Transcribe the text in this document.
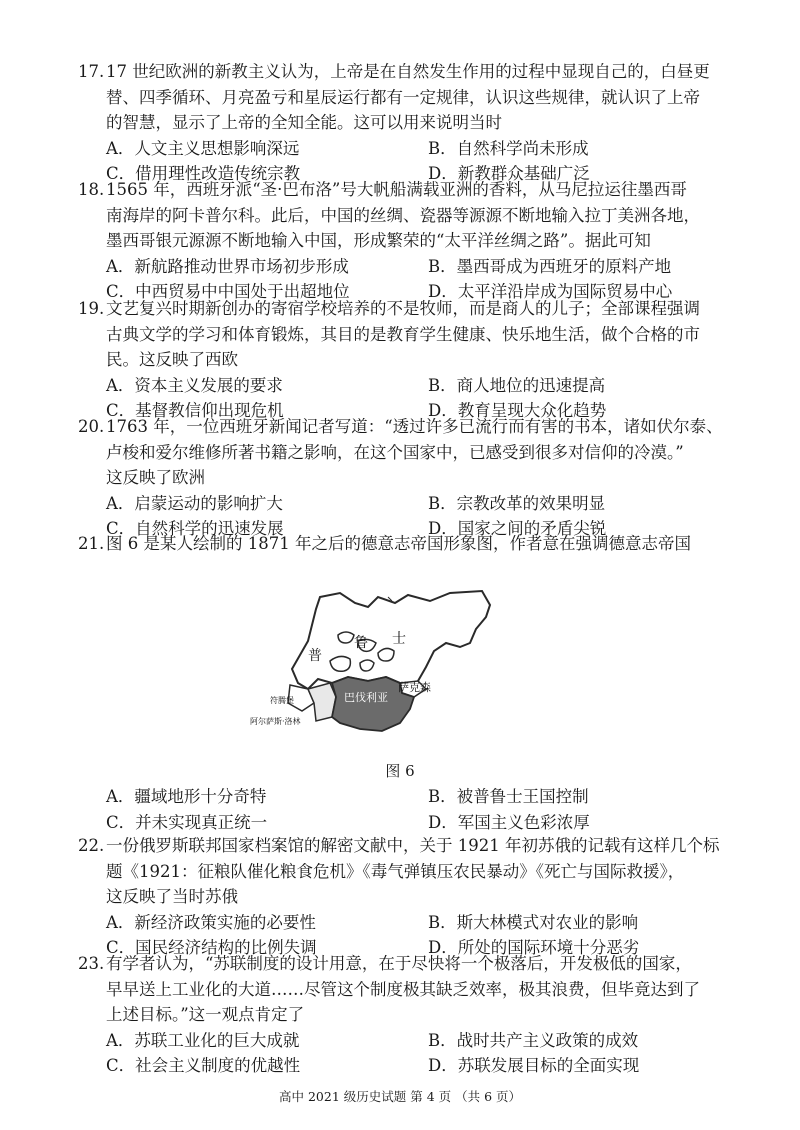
17. 17 世纪欧洲的新教主义认为，上帝是在自然发生作用的过程中显现自己的，白昼更
替、四季循环、月亮盈亏和星辰运行都有一定规律，认识这些规律，就认识了上帝
的智慧，显示了上帝的全知全能。这可以用来说明当时
A．人文主义思想影响深远	B．自然科学尚未形成
C．借用理性改造传统宗教	D．新教群众基础广泛
18. 1565 年，西班牙派“圣·巴布洛”号大帆船满载亚洲的香料，从马尼拉运往墨西哥
南海岸的阿卡普尔科。此后，中国的丝绸、瓷器等源源不断地输入拉丁美洲各地，
墨西哥银元源源不断地输入中国，形成繁荣的“太平洋丝绸之路”。据此可知
A．新航路推动世界市场初步形成	B．墨西哥成为西班牙的原料产地
C．中西贸易中中国处于出超地位	D．太平洋沿岸成为国际贸易中心
19. 文艺复兴时期新创办的寄宿学校培养的不是牧师，而是商人的儿子；全部课程强调
古典文学的学习和体育锻炼，其目的是教育学生健康、快乐地生活，做个合格的市
民。这反映了西欧
A．资本主义发展的要求	B．商人地位的迅速提高
C．基督教信仰出现危机	D．教育呈现大众化趋势
20. 1763 年，一位西班牙新闻记者写道：“透过许多已流行而有害的书本，诸如伏尔泰、
卢梭和爱尔维修所著书籍之影响，在这个国家中，已感受到很多对信仰的冷漠。”
这反映了欧洲
A．启蒙运动的影响扩大	B．宗教改革的效果明显
C．自然科学的迅速发展	D．国家之间的矛盾尖锐
21. 图 6 是某人绘制的 1871 年之后的德意志帝国形象图，作者意在强调德意志帝国
普
鲁 士
萨克森
巴伐利亚
符腾堡
阿尔萨斯·洛林
图 6
A．疆域地形十分奇特	B．被普鲁士王国控制
C．并未实现真正统一	D．军国主义色彩浓厚
22. 一份俄罗斯联邦国家档案馆的解密文献中，关于 1921 年初苏俄的记载有这样几个标
题《1921：征粮队催化粮食危机》《毒气弹镇压农民暴动》《死亡与国际救援》，
这反映了当时苏俄
A．新经济政策实施的必要性	B．斯大林模式对农业的影响
C．国民经济结构的比例失调	D．所处的国际环境十分恶劣
23. 有学者认为，“苏联制度的设计用意，在于尽快将一个极落后，开发极低的国家，
早早送上工业化的大道……尽管这个制度极其缺乏效率，极其浪费，但毕竟达到了
上述目标。”这一观点肯定了
A．苏联工业化的巨大成就	B．战时共产主义政策的成效
C．社会主义制度的优越性	D．苏联发展目标的全面实现
高中 2021 级历史试题 第 4 页 （共 6 页）
